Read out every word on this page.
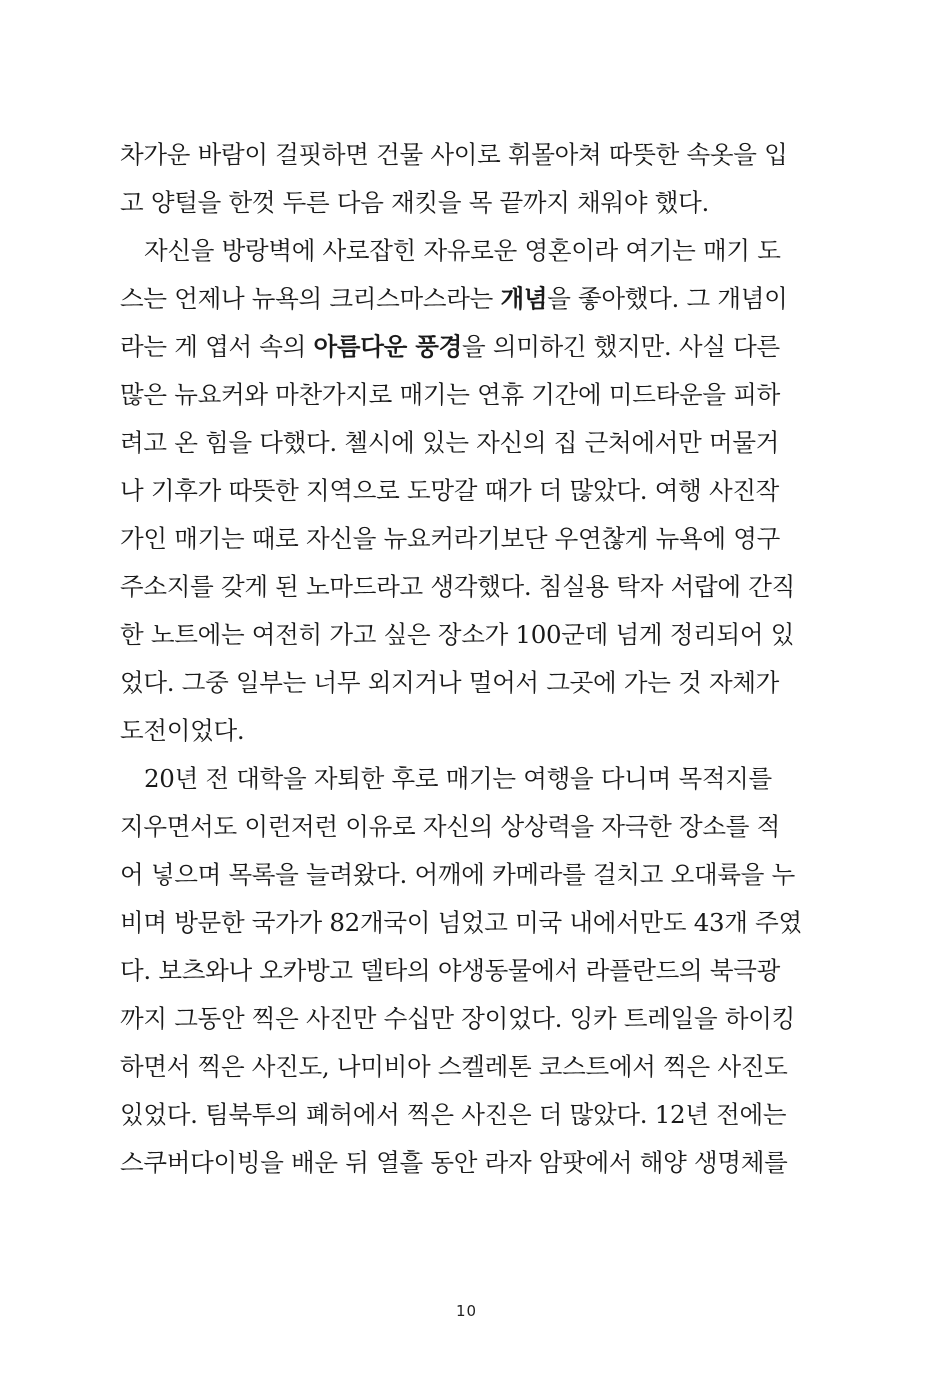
차가운 바람이 걸핏하면 건물 사이로 휘몰아쳐 따뜻한 속옷을 입
고 양털을 한껏 두른 다음 재킷을 목 끝까지 채워야 했다.
자신을 방랑벽에 사로잡힌 자유로운 영혼이라 여기는 매기 도
스는 언제나 뉴욕의 크리스마스라는 개념을 좋아했다. 그 개념이
라는 게 엽서 속의 아름다운 풍경을 의미하긴 했지만. 사실 다른
많은 뉴요커와 마찬가지로 매기는 연휴 기간에 미드타운을 피하
려고 온 힘을 다했다. 첼시에 있는 자신의 집 근처에서만 머물거
나 기후가 따뜻한 지역으로 도망갈 때가 더 많았다. 여행 사진작
가인 매기는 때로 자신을 뉴요커라기보단 우연찮게 뉴욕에 영구
주소지를 갖게 된 노마드라고 생각했다. 침실용 탁자 서랍에 간직
한 노트에는 여전히 가고 싶은 장소가 100군데 넘게 정리되어 있
었다. 그중 일부는 너무 외지거나 멀어서 그곳에 가는 것 자체가
도전이었다.
20년 전 대학을 자퇴한 후로 매기는 여행을 다니며 목적지를
지우면서도 이런저런 이유로 자신의 상상력을 자극한 장소를 적
어 넣으며 목록을 늘려왔다. 어깨에 카메라를 걸치고 오대륙을 누
비며 방문한 국가가 82개국이 넘었고 미국 내에서만도 43개 주였
다. 보츠와나 오카방고 델타의 야생동물에서 라플란드의 북극광
까지 그동안 찍은 사진만 수십만 장이었다. 잉카 트레일을 하이킹
하면서 찍은 사진도, 나미비아 스켈레톤 코스트에서 찍은 사진도
있었다. 팀북투의 폐허에서 찍은 사진은 더 많았다. 12년 전에는
스쿠버다이빙을 배운 뒤 열흘 동안 라자 암팟에서 해양 생명체를
10
